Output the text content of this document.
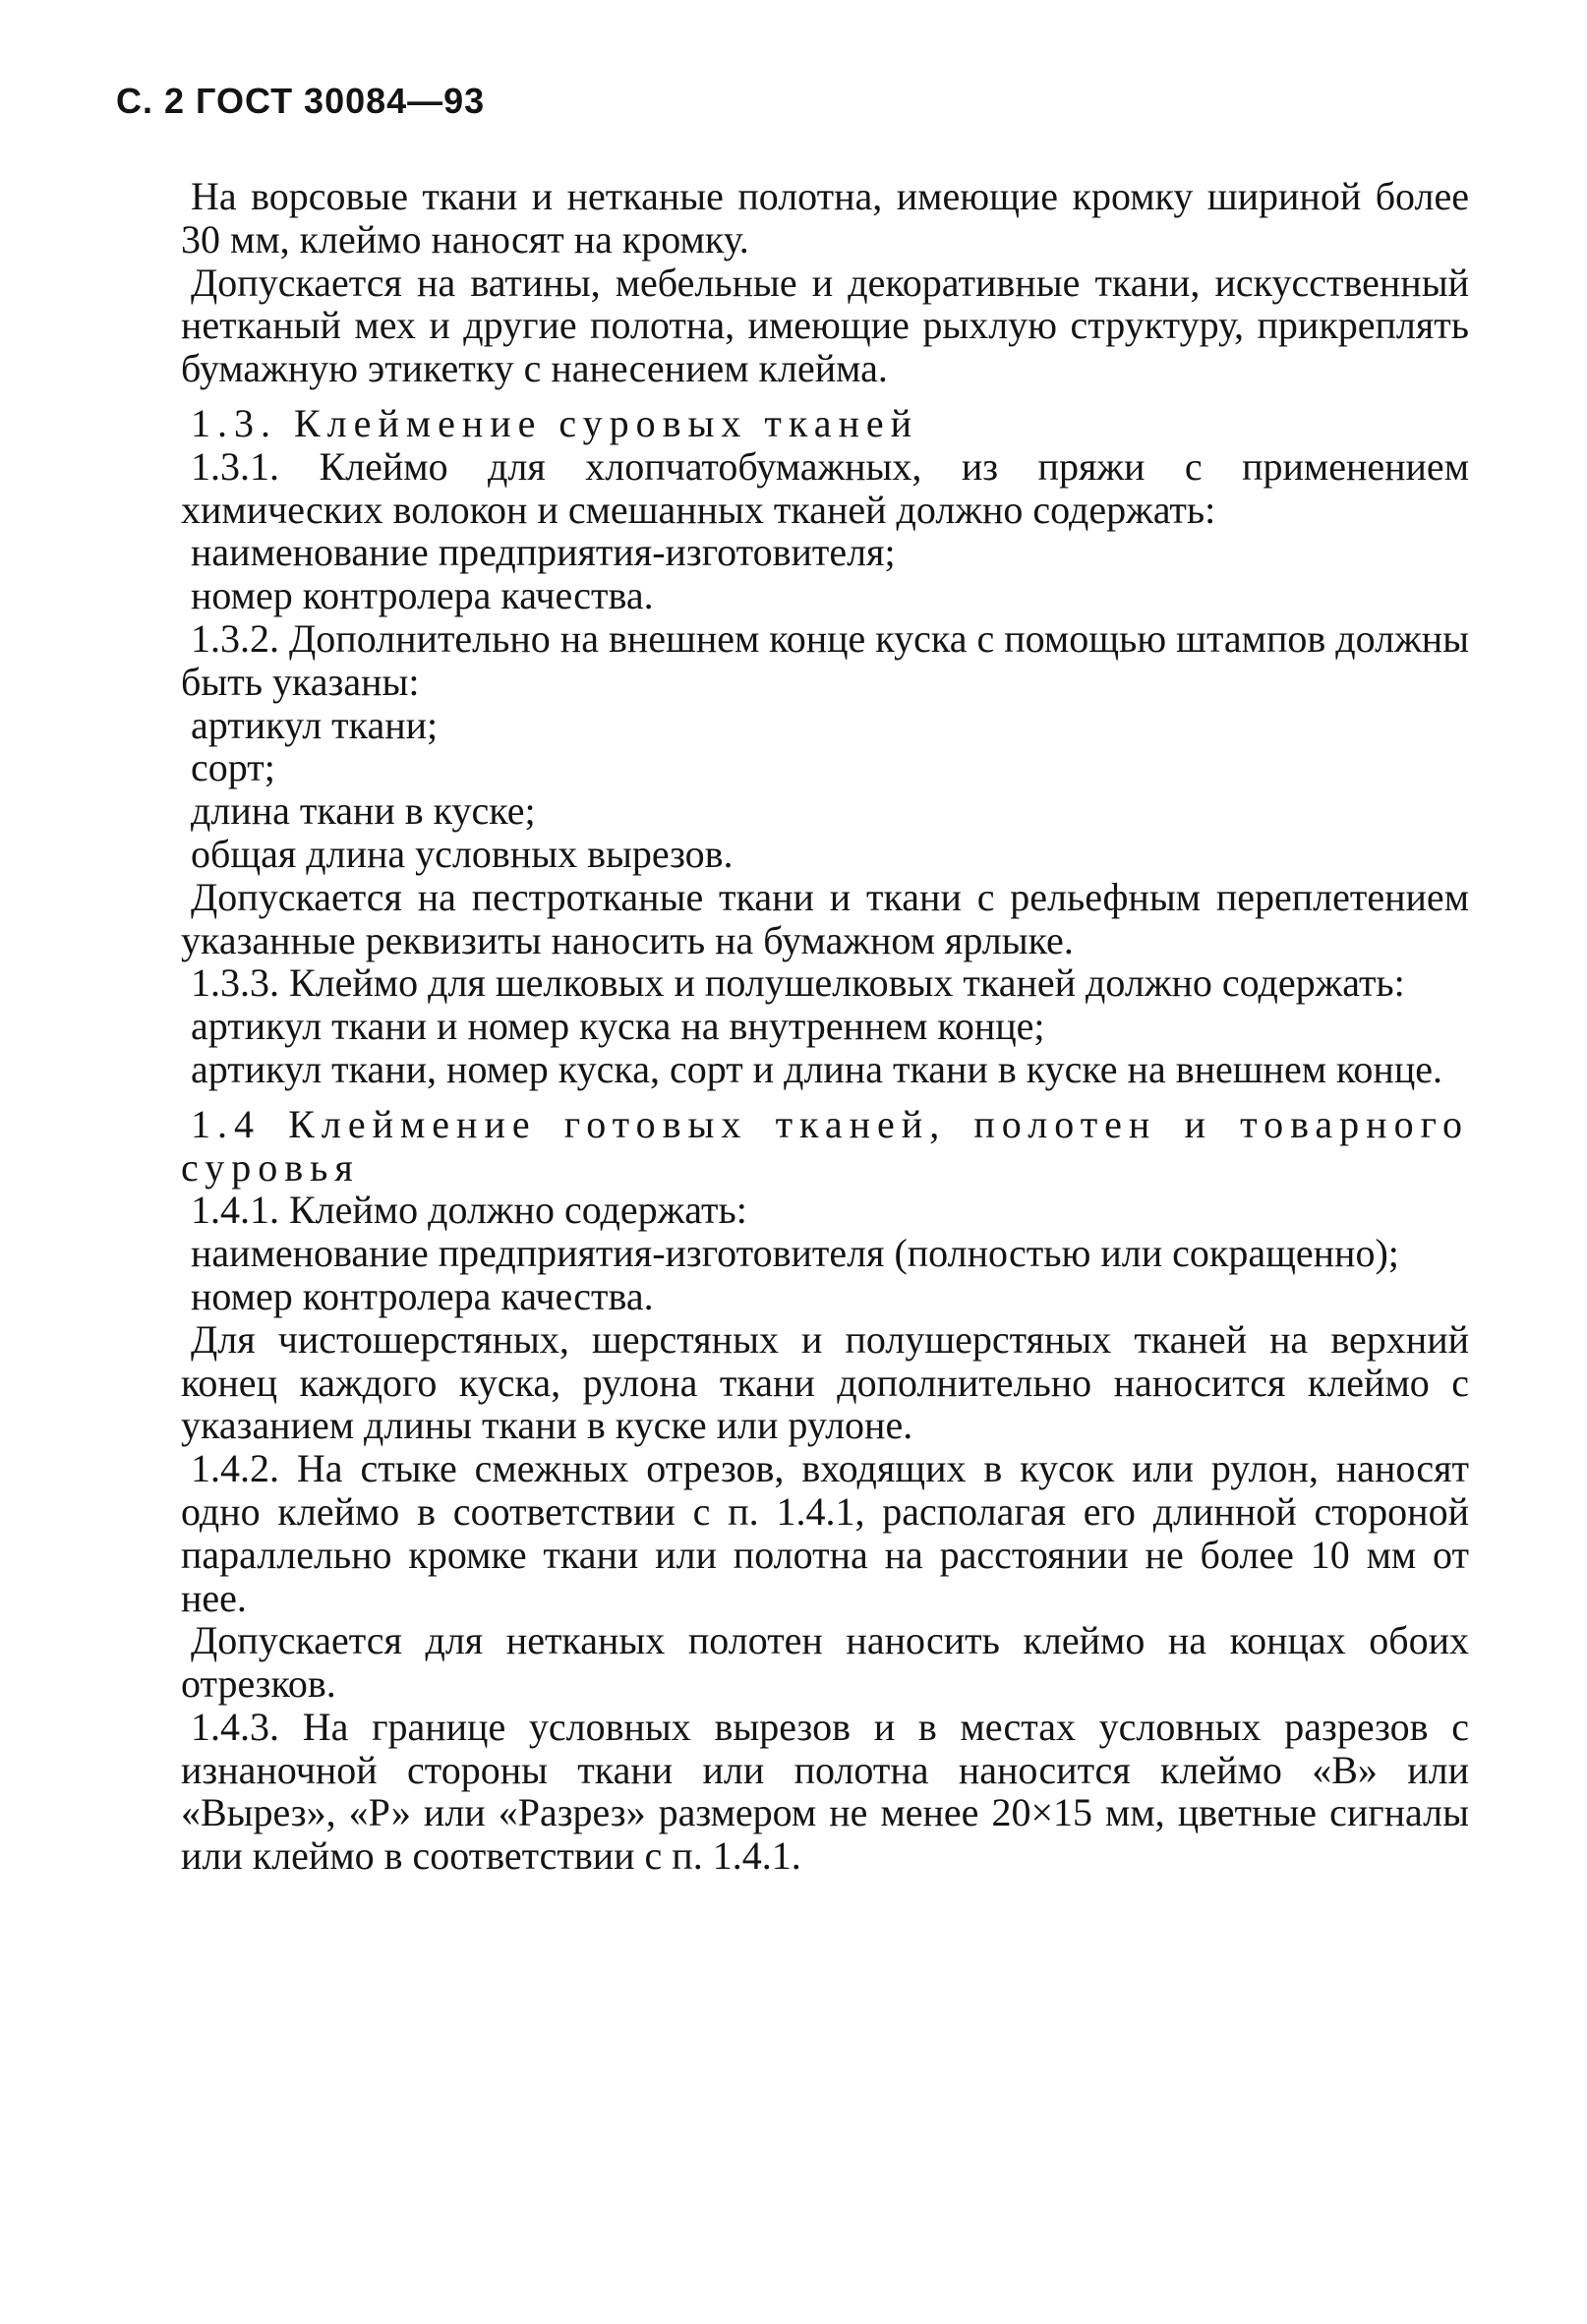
С. 2 ГОСТ 30084—93

На ворсовые ткани и нетканые полотна, имеющие кромку шириной более 30 мм, клеймо наносят на кромку.

Допускается на ватины, мебельные и декоративные ткани, искусственный нетканый мех и другие полотна, имеющие рыхлую структуру, прикреплять бумажную этикетку с нанесением клейма.

1.3. Клеймение суровых тканей

1.3.1. Клеймо для хлопчатобумажных, из пряжи с применением химических волокон и смешанных тканей должно содержать:

наименование предприятия-изготовителя;

номер контролера качества.

1.3.2. Дополнительно на внешнем конце куска с помощью штампов должны быть указаны:

артикул ткани;

сорт;

длина ткани в куске;

общая длина условных вырезов.

Допускается на пестротканые ткани и ткани с рельефным переплетением указанные реквизиты наносить на бумажном ярлыке.

1.3.3. Клеймо для шелковых и полушелковых тканей должно содержать:

артикул ткани и номер куска на внутреннем конце;

артикул ткани, номер куска, сорт и длина ткани в куске на внешнем конце.

1.4 Клеймение готовых тканей, полотен и товарного суровья

1.4.1. Клеймо должно содержать:

наименование предприятия-изготовителя (полностью или сокращенно);

номер контролера качества.

Для чистошерстяных, шерстяных и полушерстяных тканей на верхний конец каждого куска, рулона ткани дополнительно наносится клеймо с указанием длины ткани в куске или рулоне.

1.4.2. На стыке смежных отрезов, входящих в кусок или рулон, наносят одно клеймо в соответствии с п. 1.4.1, располагая его длинной стороной параллельно кромке ткани или полотна на расстоянии не более 10 мм от нее.

Допускается для нетканых полотен наносить клеймо на концах обоих отрезков.

1.4.3. На границе условных вырезов и в местах условных разрезов с изнаночной стороны ткани или полотна наносится клеймо «В» или «Вырез», «Р» или «Разрез» размером не менее 20×15 мм, цветные сигналы или клеймо в соответствии с п. 1.4.1.
